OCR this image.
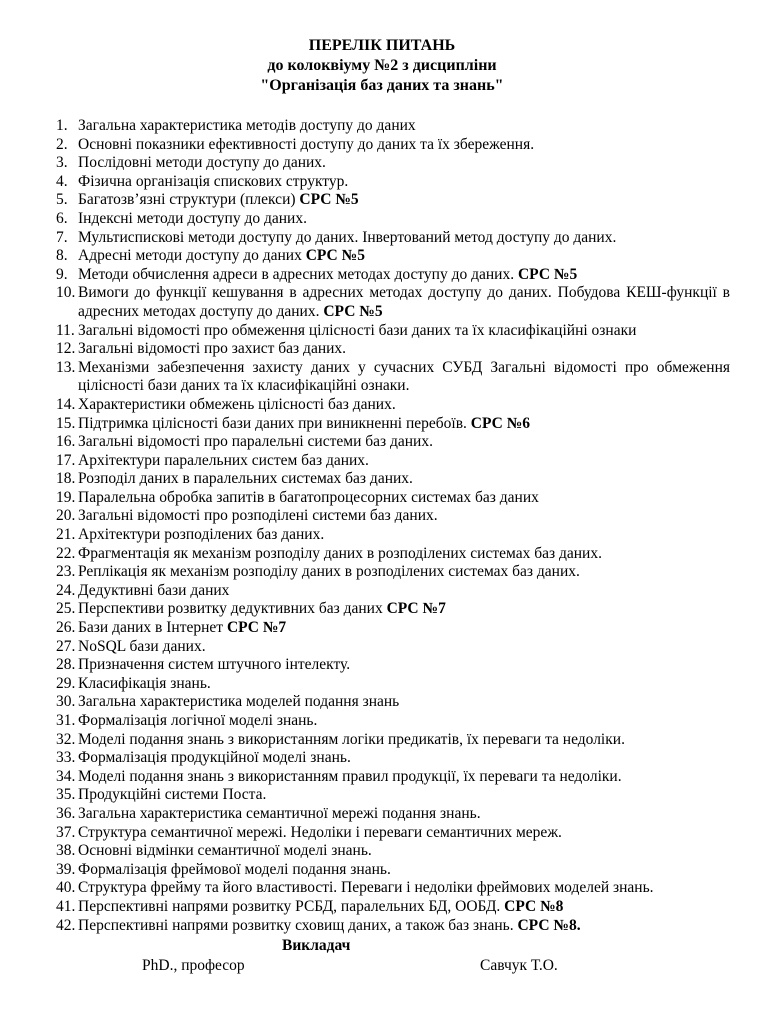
ПЕРЕЛІК ПИТАНЬ
до колоквіуму №2 з дисципліни
"Організація баз даних та знань"
1. Загальна характеристика методів доступу до даних
2. Основні показники ефективності доступу до даних та їх збереження.
3. Послідовні методи доступу до даних.
4. Фізична організація спискових структур.
5. Багатозв’язні структури (плекси) СРС №5
6. Індексні методи доступу до даних.
7. Мультиспискові методи доступу до даних. Інвертований метод доступу до даних.
8. Адресні методи доступу до даних СРС №5
9. Методи обчислення адреси в адресних методах доступу до даних. СРС №5
10. Вимоги до функції кешування в адресних методах доступу до даних. Побудова КЕШ-функції в адресних методах доступу до даних. СРС №5
11. Загальні відомості про обмеження цілісності бази даних та їх класифікаційні ознаки
12. Загальні відомості про захист баз даних.
13. Механізми забезпечення захисту даних у сучасних СУБД Загальні відомості про обмеження цілісності бази даних та їх класифікаційні ознаки.
14. Характеристики обмежень цілісності баз даних.
15. Підтримка цілісності бази даних при виникненні перебоїв. СРС №6
16. Загальні відомості про паралельні системи баз даних.
17. Архітектури паралельних систем баз даних.
18. Розподіл даних в паралельних системах баз даних.
19. Паралельна обробка запитів в багатопроцесорних системах баз даних
20. Загальні відомості про розподілені системи баз даних.
21. Архітектури розподілених баз даних.
22. Фрагментація як механізм розподілу даних в розподілених системах баз даних.
23. Реплікація як механізм розподілу даних в розподілених системах баз даних.
24. Дедуктивні бази даних
25. Перспективи розвитку дедуктивних баз даних СРС №7
26. Бази даних в Інтернет СРС №7
27. NoSQL бази даних.
28. Призначення систем штучного інтелекту.
29. Класифікація знань.
30. Загальна характеристика моделей подання знань
31. Формалізація логічної моделі знань.
32. Моделі подання знань з використанням логіки предикатів, їх переваги та недоліки.
33. Формалізація продукційної моделі знань.
34. Моделі подання знань з використанням правил продукції, їх переваги та недоліки.
35. Продукційні системи Поста.
36. Загальна характеристика семантичної мережі подання знань.
37. Структура семантичної мережі. Недоліки і переваги семантичних мереж.
38. Основні відмінки семантичної моделі знань.
39. Формалізація фреймової моделі подання знань.
40. Структура фрейму та його властивості. Переваги і недоліки фреймових моделей знань.
41. Перспективні напрями розвитку РСБД, паралельних БД, ООБД. СРС №8
42. Перспективні напрями розвитку сховищ даних, а також баз знань. СРС №8.
Викладач
PhD., професор	Савчук Т.О.
